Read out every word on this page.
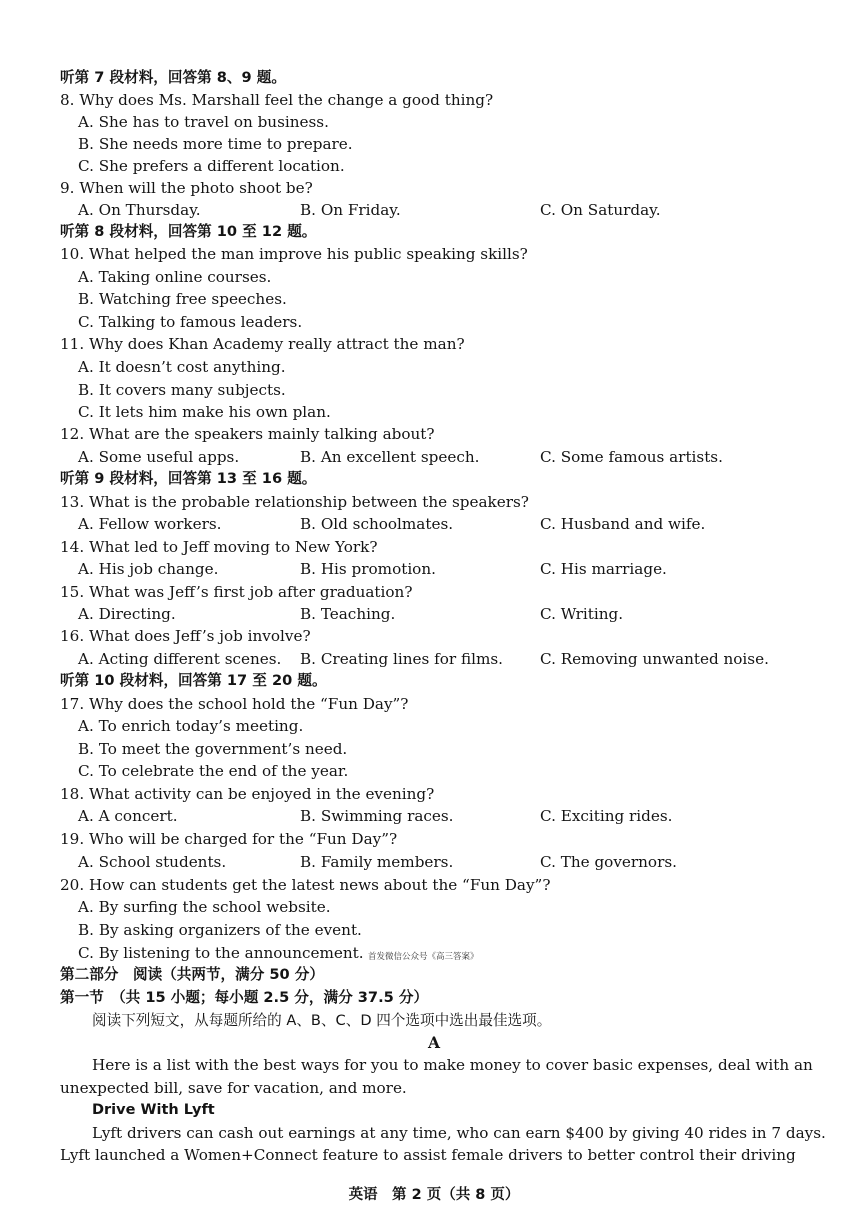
听第 7 段材料，回答第 8、9 题。
8. Why does Ms. Marshall feel the change a good thing?
A. She has to travel on business.
B. She needs more time to prepare.
C. She prefers a different location.
9. When will the photo shoot be?
A. On Thursday.	B. On Friday.	C. On Saturday.
听第 8 段材料，回答第 10 至 12 题。
10. What helped the man improve his public speaking skills?
A. Taking online courses.
B. Watching free speeches.
C. Talking to famous leaders.
11. Why does Khan Academy really attract the man?
A. It doesn’t cost anything.
B. It covers many subjects.
C. It lets him make his own plan.
12. What are the speakers mainly talking about?
A. Some useful apps.	B. An excellent speech.	C. Some famous artists.
听第 9 段材料，回答第 13 至 16 题。
13. What is the probable relationship between the speakers?
A. Fellow workers.	B. Old schoolmates.	C. Husband and wife.
14. What led to Jeff moving to New York?
A. His job change.	B. His promotion.	C. His marriage.
15. What was Jeff’s first job after graduation?
A. Directing.	B. Teaching.	C. Writing.
16. What does Jeff’s job involve?
A. Acting different scenes. B. Creating lines for films. C. Removing unwanted noise.
听第 10 段材料，回答第 17 至 20 题。
17. Why does the school hold the “Fun Day”?
A. To enrich today’s meeting.
B. To meet the government’s need.
C. To celebrate the end of the year.
18. What activity can be enjoyed in the evening?
A. A concert.	B. Swimming races.	C. Exciting rides.
19. Who will be charged for the “Fun Day”?
A. School students.	B. Family members.	C. The governors.
20. How can students get the latest news about the “Fun Day”?
A. By surfing the school website.
B. By asking organizers of the event.
C. By listening to the announcement. 首发微信公众号《高三答案》
第二部分　阅读（共两节，满分 50 分）
第一节　（共 15 小题；每小题 2.5 分，满分 37.5 分）
阅读下列短文，从每题所给的 A、B、C、D 四个选项中选出最佳选项。
A
Here is a list with the best ways for you to make money to cover basic expenses, deal with an
unexpected bill, save for vacation, and more.
Drive With Lyft
Lyft drivers can cash out earnings at any time, who can earn $400 by giving 40 rides in 7 days.
Lyft launched a Women+Connect feature to assist female drivers to better control their driving
英语　第 2 页（共 8 页）
